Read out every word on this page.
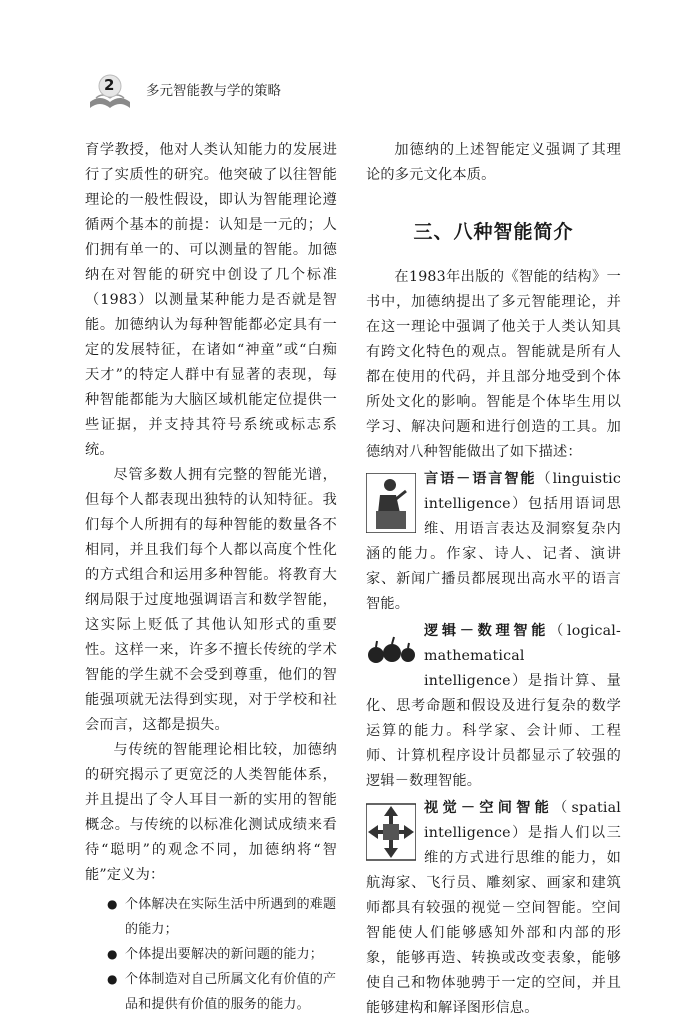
2 多元智能教与学的策略

育学教授，他对人类认知能力的发展进行了实质性的研究。他突破了以往智能理论的一般性假设，即认为智能理论遵循两个基本的前提：认知是一元的；人们拥有单一的、可以测量的智能。加德纳在对智能的研究中创设了几个标准（1983）以测量某种能力是否就是智能。加德纳认为每种智能都必定具有一定的发展特征，在诸如“神童”或“白痴天才”的特定人群中有显著的表现，每种智能都能为大脑区域机能定位提供一些证据，并支持其符号系统或标志系统。

尽管多数人拥有完整的智能光谱，但每个人都表现出独特的认知特征。我们每个人所拥有的每种智能的数量各不相同，并且我们每个人都以高度个性化的方式组合和运用多种智能。将教育大纲局限于过度地强调语言和数学智能，这实际上贬低了其他认知形式的重要性。这样一来，许多不擅长传统的学术智能的学生就不会受到尊重，他们的智能强项就无法得到实现，对于学校和社会而言，这都是损失。

与传统的智能理论相比较，加德纳的研究揭示了更宽泛的人类智能体系，并且提出了令人耳目一新的实用的智能概念。与传统的以标准化测试成绩来看待“聪明”的观念不同，加德纳将“智能”定义为：

● 个体解决在实际生活中所遇到的难题的能力；
● 个体提出要解决的新问题的能力；
● 个体制造对自己所属文化有价值的产品和提供有价值的服务的能力。

加德纳的上述智能定义强调了其理论的多元文化本质。

三、八种智能简介

在1983年出版的《智能的结构》一书中，加德纳提出了多元智能理论，并在这一理论中强调了他关于人类认知具有跨文化特色的观点。智能就是所有人都在使用的代码，并且部分地受到个体所处文化的影响。智能是个体毕生用以学习、解决问题和进行创造的工具。加德纳对八种智能做出了如下描述：

言语－语言智能（linguistic intelligence）包括用语词思维、用语言表达及洞察复杂内涵的能力。作家、诗人、记者、演讲家、新闻广播员都展现出高水平的语言智能。

逻辑－数理智能（logical-mathematical intelligence）是指计算、量化、思考命题和假设及进行复杂的数学运算的能力。科学家、会计师、工程师、计算机程序设计员都显示了较强的逻辑－数理智能。

视觉－空间智能（spatial intelligence）是指人们以三维的方式进行思维的能力，如航海家、飞行员、雕刻家、画家和建筑师都具有较强的视觉－空间智能。空间智能使人们能够感知外部和内部的形象，能够再造、转换或改变表象，能够使自己和物体驰骋于一定的空间，并且能够建构和解译图形信息。
